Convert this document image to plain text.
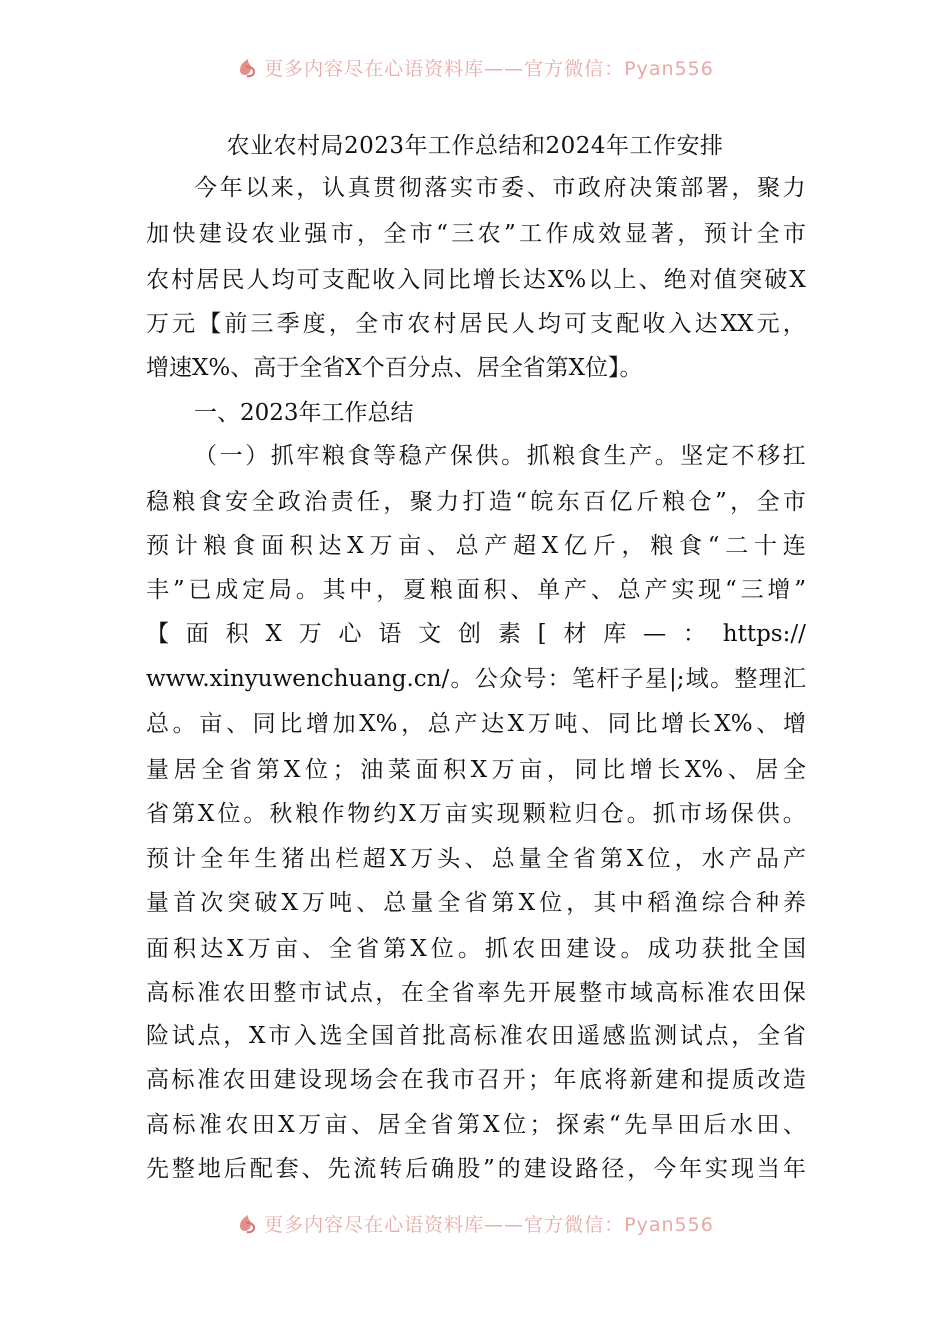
更多内容尽在心语资料库——官方微信：Pyan556
农业农村局2023年工作总结和2024年工作安排
今 年 以 来 ， 认 真 贯 彻 落 实 市 委 、 市 政 府 决 策 部 署 ， 聚 力
加 快 建 设 农 业 强 市 ， 全 市 “ 三 农 ” 工 作 成 效 显 著 ， 预 计 全 市
农 村 居 民 人 均 可 支 配 收 入 同 比 增 长 达 X% 以 上 、 绝 对 值 突 破 X
万 元 【 前 三 季 度 ， 全 市 农 村 居 民 人 均 可 支 配 收 入 达 XX 元 ，
增速X%、高于全省X个百分点、居全省第X位】。
一、2023年工作总结
（ 一 ） 抓 牢 粮 食 等 稳 产 保 供 。 抓 粮 食 生 产 。 坚 定 不 移 扛
稳 粮 食 安 全 政 治 责 任 ， 聚 力 打 造 “ 皖 东 百 亿 斤 粮 仓 ” ， 全 市
预 计 粮 食 面 积 达 X 万 亩 、 总 产 超 X 亿 斤 ， 粮 食 “ 二 十 连
丰 ” 已 成 定 局 。 其 中 ， 夏 粮 面 积 、 单 产 、 总 产 实 现 “ 三 增 ”
【 面 积 X 万 心 语 文 创 素 [ 材 库 — ： https://
www.xinyuwenchuang.cn/ 。 公 众 号 ： 笔 杆 子 星 |; 域 。 整 理 汇
总 。 亩 、 同 比 增 加 X% ， 总 产 达 X 万 吨 、 同 比 增 长 X% 、 增
量 居 全 省 第 X 位 ； 油 菜 面 积 X 万 亩 ， 同 比 增 长 X% 、 居 全
省 第 X 位 。 秋 粮 作 物 约 X 万 亩 实 现 颗 粒 归 仓 。 抓 市 场 保 供 。
预 计 全 年 生 猪 出 栏 超 X 万 头 、 总 量 全 省 第 X 位 ， 水 产 品 产
量 首 次 突 破 X 万 吨 、 总 量 全 省 第 X 位 ， 其 中 稻 渔 综 合 种 养
面 积 达 X 万 亩 、 全 省 第 X 位 。 抓 农 田 建 设 。 成 功 获 批 全 国
高 标 准 农 田 整 市 试 点 ， 在 全 省 率 先 开 展 整 市 域 高 标 准 农 田 保
险 试 点 ， X 市 入 选 全 国 首 批 高 标 准 农 田 遥 感 监 测 试 点 ， 全 省
高 标 准 农 田 建 设 现 场 会 在 我 市 召 开 ； 年 底 将 新 建 和 提 质 改 造
高 标 准 农 田 X 万 亩 、 居 全 省 第 X 位 ； 探 索 “ 先 旱 田 后 水 田 、
先 整 地 后 配 套 、 先 流 转 后 确 股 ” 的 建 设 路 径 ， 今 年 实 现 当 年
更多内容尽在心语资料库——官方微信：Pyan556
